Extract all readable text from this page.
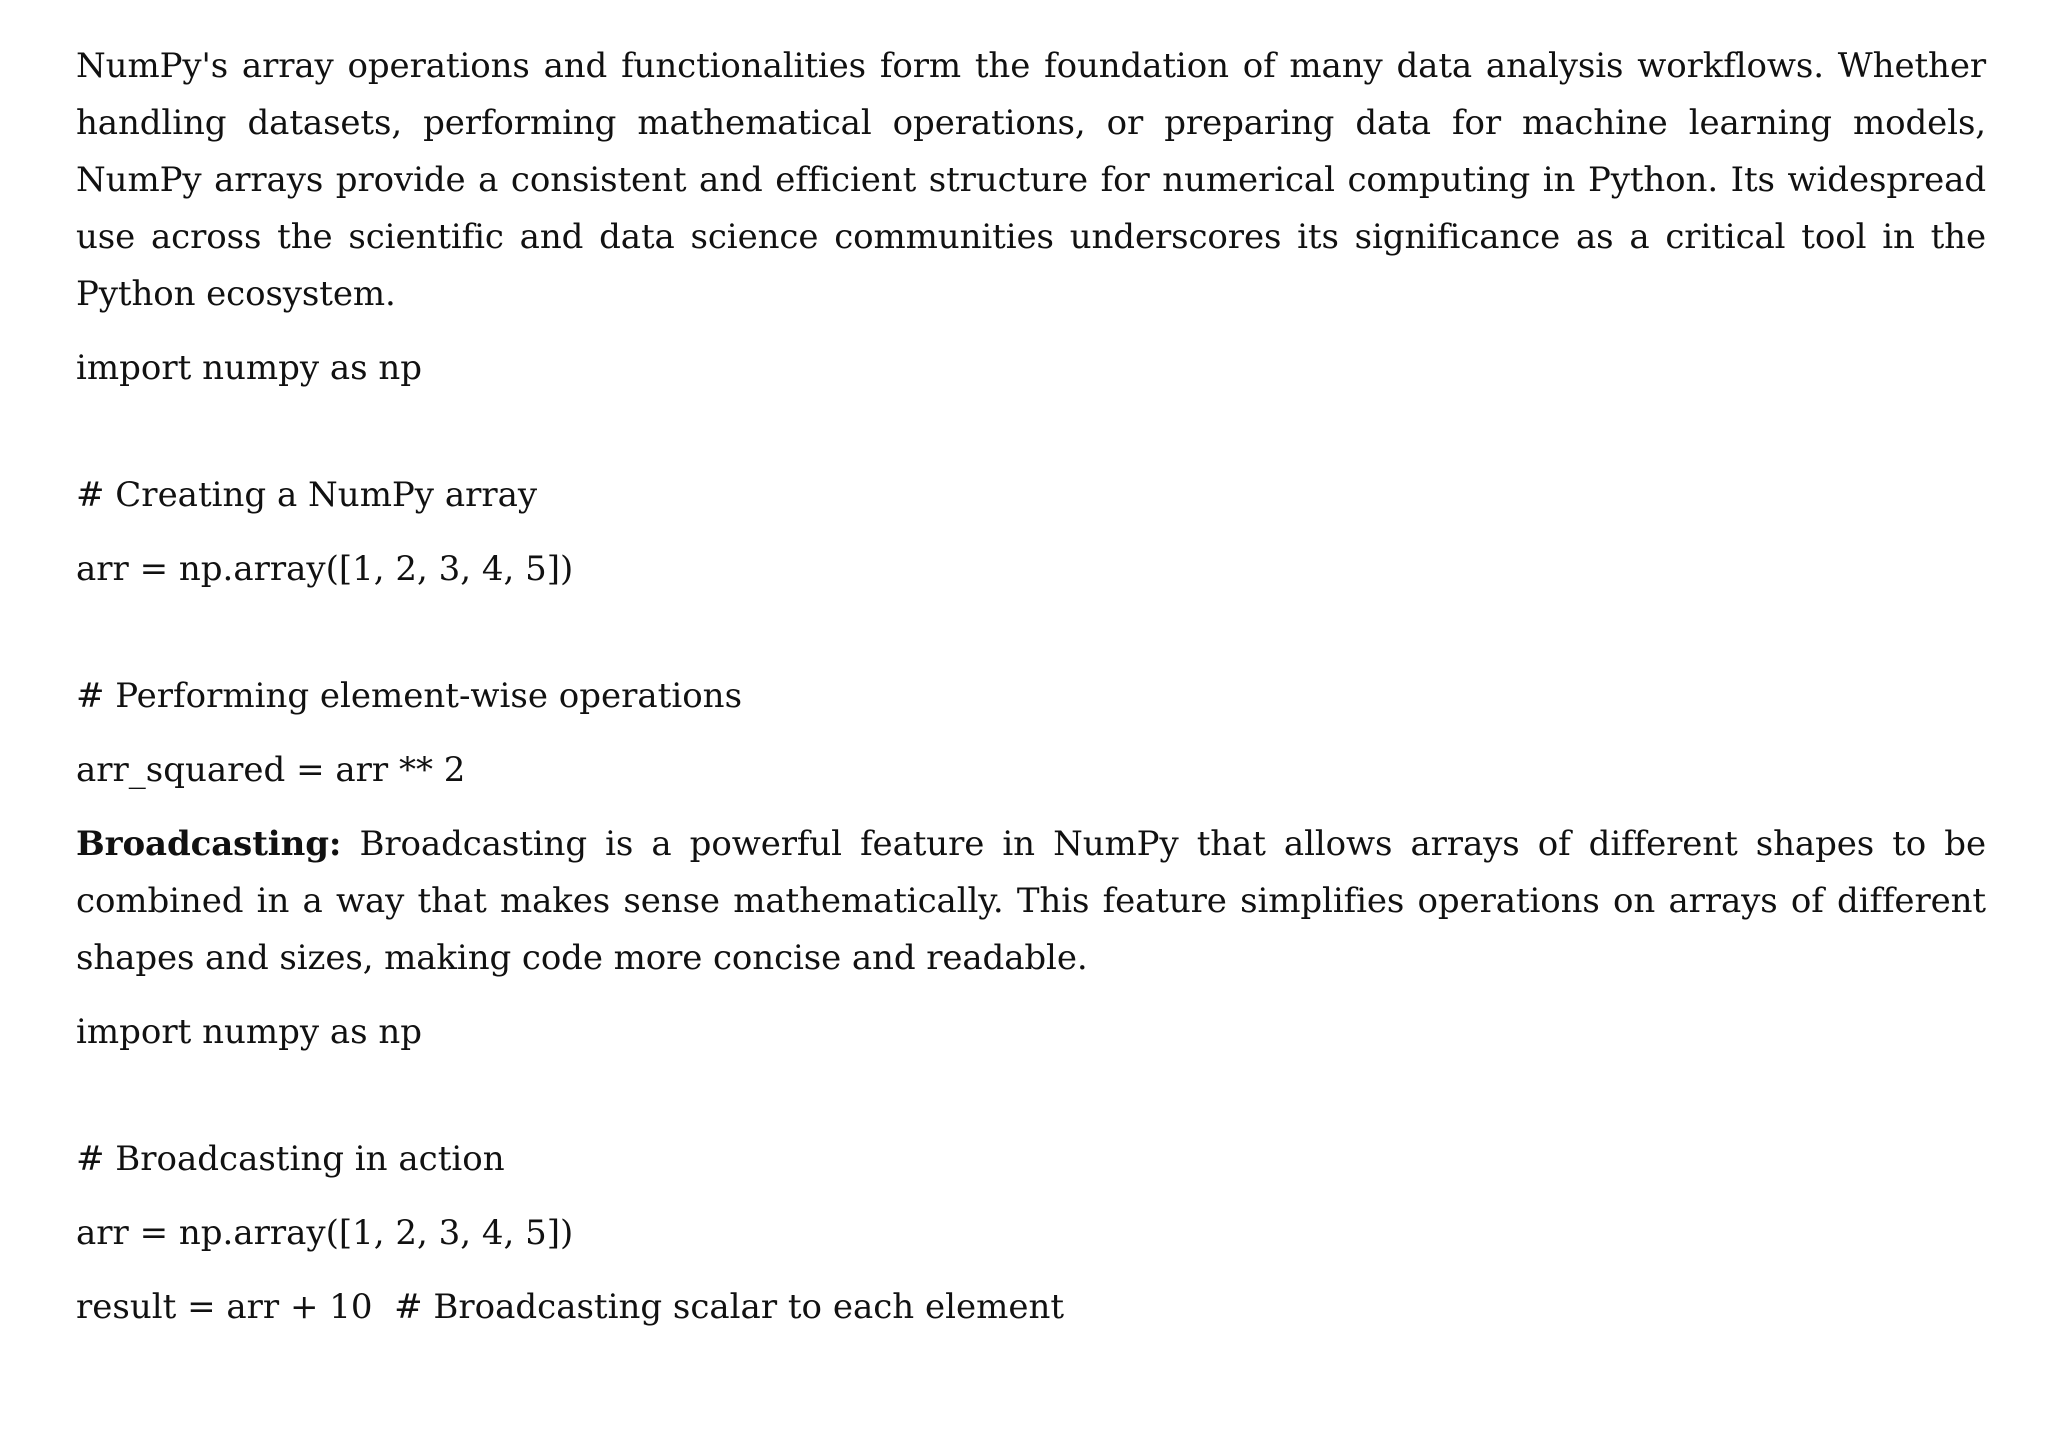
NumPy's array operations and functionalities form the foundation of many data analysis workflows. Whether handling datasets, performing mathematical operations, or preparing data for machine learning models, NumPy arrays provide a consistent and efficient structure for numerical computing in Python. Its widespread use across the scientific and data science communities underscores its significance as a critical tool in the Python ecosystem.

import numpy as np

# Creating a NumPy array

arr = np.array([1, 2, 3, 4, 5])

# Performing element-wise operations

arr_squared = arr ** 2

Broadcasting: Broadcasting is a powerful feature in NumPy that allows arrays of different shapes to be combined in a way that makes sense mathematically. This feature simplifies operations on arrays of different shapes and sizes, making code more concise and readable.

import numpy as np

# Broadcasting in action

arr = np.array([1, 2, 3, 4, 5])

result = arr + 10  # Broadcasting scalar to each element
